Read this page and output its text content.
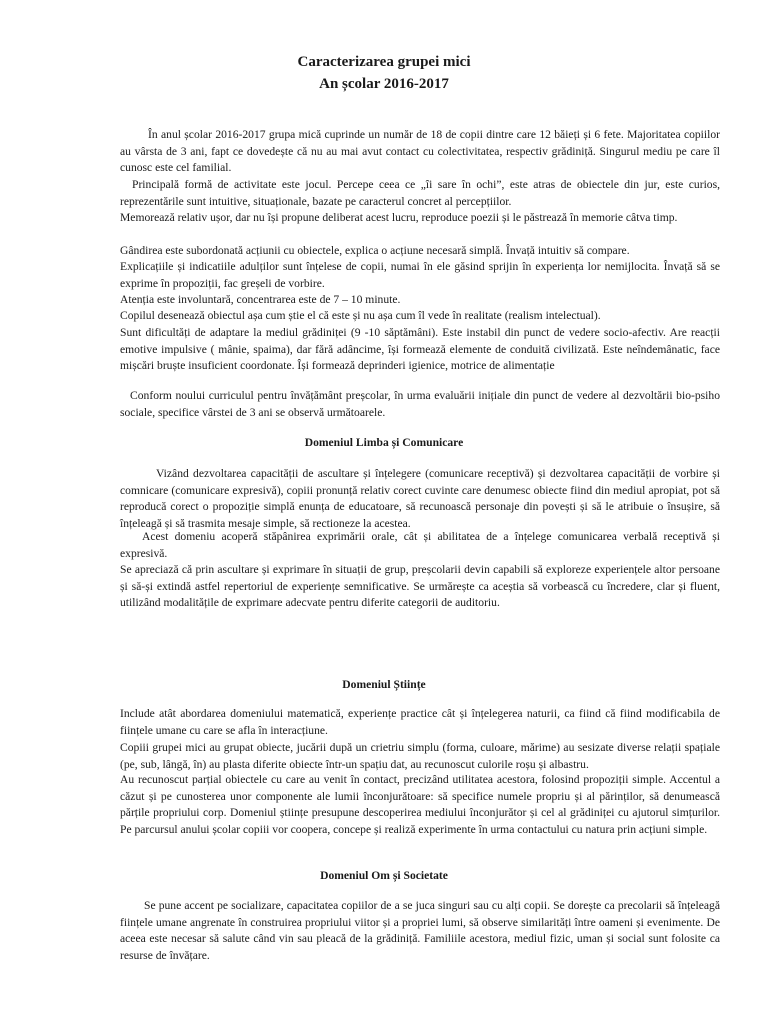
Caracterizarea grupei mici
An școlar 2016-2017

În anul școlar 2016-2017 grupa mică cuprinde un număr de 18 de copii dintre care 12 băieți și 6 fete. Majoritatea copiilor au vârsta de 3 ani, fapt ce dovedește că nu au mai avut contact cu colectivitatea, respectiv grădiniță. Singurul mediu pe care îl cunosc este cel familial.

Principală formă de activitate este jocul. Percepe ceea ce „îi sare în ochi”, este atras de obiectele din jur, este curios, reprezentările sunt intuitive, situaționale, bazate pe caracterul concret al percepțiilor.

Memorează relativ ușor, dar nu își propune deliberat acest lucru, reproduce poezii și le păstrează în memorie câtva timp.

Gândirea este subordonată acțiunii cu obiectele, explica o acțiune necesară simplă. Învață intuitiv să compare.

Explicațiile și indicatiile adulților sunt înțelese de copii, numai în ele găsind sprijin în experiența lor nemijlocita. Învață să se exprime în propoziții, fac greșeli de vorbire.

Atenția este involuntară, concentrarea este de 7 – 10 minute.

Copilul desenează obiectul așa cum știe el că este și nu așa cum îl vede în realitate (realism intelectual).

Sunt dificultăți de adaptare la mediul grădiniței (9 -10 săptămâni). Este instabil din punct de vedere socio-afectiv. Are reacții emotive impulsive ( mânie, spaima), dar fără adâncime, își formează elemente de conduită civilizată. Este neîndemânatic, face mișcări bruște insuficient coordonate. Își formează deprinderi igienice, motrice de alimentație

Conform noului curriculul pentru învățământ preșcolar, în urma evaluării inițiale din punct de vedere al dezvoltării bio-psiho sociale, specifice vârstei de 3 ani se observă următoarele.

Domeniul Limba și Comunicare

Vizând dezvoltarea capacității de ascultare și înțelegere (comunicare receptivă) și dezvoltarea capacității de vorbire și comnicare (comunicare expresivă), copiii pronunță relativ corect cuvinte care denumesc obiecte fiind din mediul apropiat, pot să reproducă corect o propoziție simplă enunța de educatoare, să recunoască personaje din povești și să le atribuie o însușire, să înțeleagă și să trasmita mesaje simple, să rectioneze la acestea.

Acest domeniu acoperă stăpânirea exprimării orale, cât și abilitatea de a înțelege comunicarea verbală receptivă și expresivă.

Se apreciază că prin ascultare și exprimare în situații de grup, preșcolarii devin capabili să exploreze experiențele altor persoane și să-și extindă astfel repertoriul de experiențe semnificative. Se urmărește ca aceștia să vorbească cu încredere, clar și fluent, utilizând modalitățile de exprimare adecvate pentru diferite categorii de auditoriu.

Domeniul Științe

Include atât abordarea domeniului matematică, experiențe practice cât și înțelegerea naturii, ca fiind că fiind modificabila de ființele umane cu care se afla în interacțiune.

Copiii grupei mici au grupat obiecte, jucării după un crietriu simplu (forma, culoare, mărime) au sesizate diverse relații spațiale (pe, sub, lângă, în) au plasta diferite obiecte într-un spațiu dat, au recunoscut culorile roșu și albastru.

Au recunoscut parțial obiectele cu care au venit în contact, precizând utilitatea acestora, folosind propoziții simple. Accentul a căzut și pe cunosterea unor componente ale lumii înconjurătoare: să specifice numele propriu și al părinților, să denumească părțile propriului corp. Domeniul științe presupune descoperirea mediului înconjurător și cel al grădiniței cu ajutorul simțurilor. Pe parcursul anului școlar copiii vor coopera, concepe și realiză experimente în urma contactului cu natura prin acțiuni simple.

Domeniul Om și Societate

Se pune accent pe socializare, capacitatea copiilor de a se juca singuri sau cu alți copii. Se dorește ca precolarii să înțeleagă ființele umane angrenate în construirea propriului viitor și a propriei lumi, să observe similarități între oameni și evenimente. De aceea este necesar să salute când vin sau pleacă de la grădiniță. Familiile acestora, mediul fizic, uman și social sunt folosite ca resurse de învățare.
